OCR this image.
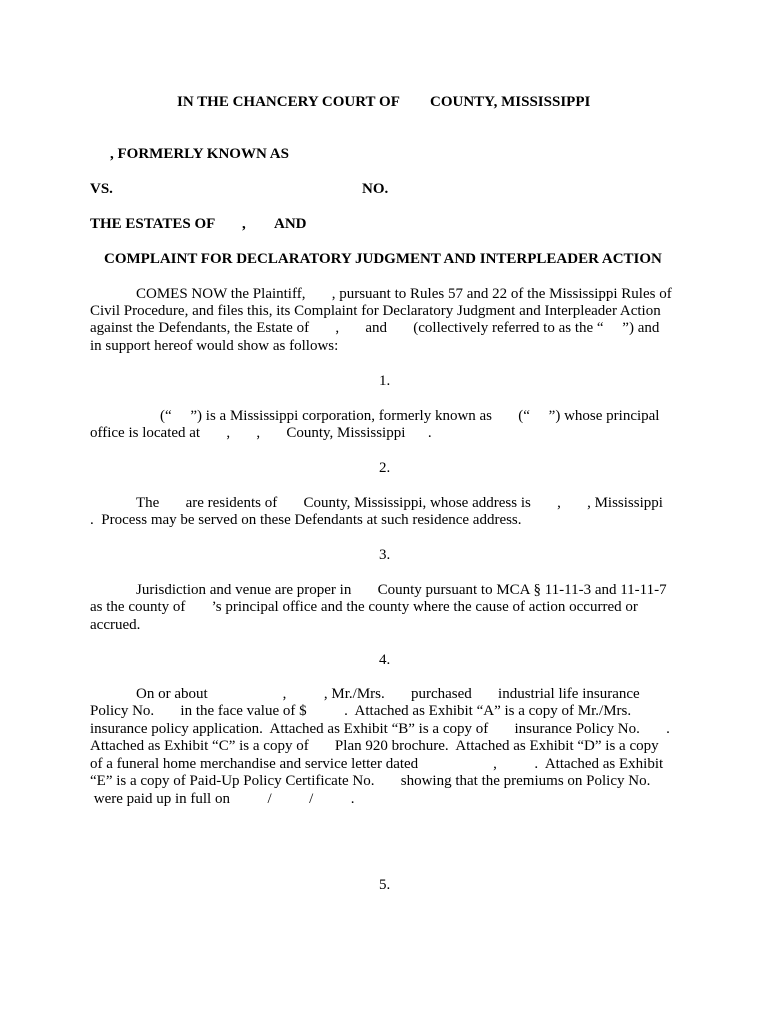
IN THE CHANCERY COURT OF COUNTY, MISSISSIPPI
, FORMERLY KNOWN AS
VS.	NO.
THE ESTATES OF , AND
COMPLAINT FOR DECLARATORY JUDGMENT AND INTERPLEADER ACTION
COMES NOW the Plaintiff,       , pursuant to Rules 57 and 22 of the Mississippi Rules of
Civil Procedure, and files this, its Complaint for Declaratory Judgment and Interpleader Action
against the Defendants, the Estate of       ,       and       (collectively referred to as the “     ”) and
in support hereof would show as follows:
1.
(“     ”) is a Mississippi corporation, formerly known as       (“     ”) whose principal
office is located at       ,       ,       County, Mississippi      .
2.
The       are residents of       County, Mississippi, whose address is       ,       , Mississippi
.  Process may be served on these Defendants at such residence address.
3.
Jurisdiction and venue are proper in       County pursuant to MCA § 11-11-3 and 11-11-7
as the county of       ’s principal office and the county where the cause of action occurred or
accrued.
4.
On or about                    ,          , Mr./Mrs.       purchased       industrial life insurance
Policy No.       in the face value of $          .  Attached as Exhibit “A” is a copy of Mr./Mrs.
insurance policy application.  Attached as Exhibit “B” is a copy of       insurance Policy No.       .
Attached as Exhibit “C” is a copy of       Plan 920 brochure.  Attached as Exhibit “D” is a copy
of a funeral home merchandise and service letter dated                    ,          .  Attached as Exhibit
“E” is a copy of Paid-Up Policy Certificate No.       showing that the premiums on Policy No.
were paid up in full on          /          /          .
5.
